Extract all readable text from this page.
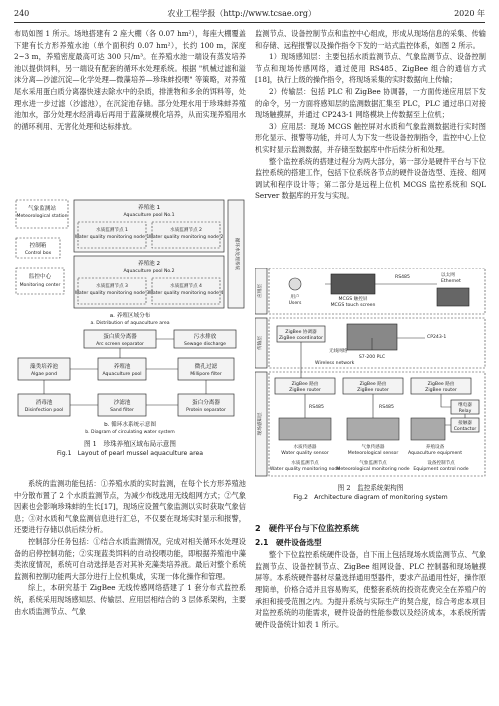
240	农业工程学报（http://www.tcsae.org）	2020 年

布局如图 1 所示。场地搭建有 2 座大棚（各 0.07 hm²），每座大棚覆盖下建有长方形养殖水池（单个面积约 0.07 hm²），长约 100 m，深度 2~3 m，养殖密度最高可达 300 只/m³。在养殖水池一端设有蒸发培养池以提供饲料，另一端设有配套的循环水处理系统。根据 "机械过滤和溢沫分离—沙滤沉淀—化学处理—微藻培养—珍珠蚌投喂" 等策略，对养殖尾水采用蛋白质分离器快速去除水中的杂质，排泄物和多余的饵料等，处理水进一步过滤（沙滤池），在沉淀池存储。部分处理水用于珍珠蚌养殖池加水，部分处理水经消毒后再用于蓝藻规模化培养，从而实现养殖用水的循环利用、无害化处理和达标排放。

气象监测站
Meteorological station
控制箱
Control box
监控中心
Monitoring center
养殖池 1
Aquaculture pool No.1
水质监测节点 1
Water quality monitoring node 1
水质监测节点 2
Water quality monitoring node 2
养殖池 2
Aquaculture pool No.2
水质监测节点 3
Water quality monitoring node 3
水质监测节点 4
Water quality monitoring node 4
循环水处理系统
a. 养殖区域分布
a. Distribution of aquaculture area
蛋白质分离器
Arc screen separator
污水排放
Sewage discharge
藻类培养池
Algae pond
养殖池
Aquaculture pool
微孔过滤
Millipore filter
消毒池
Disinfection pool
沙滤池
Sand filter
蛋白分离器
Protein separator
b. 循环水系统示意图
b. Diagram of circulating water system
图 1　珍珠养殖区域布局示意图
Fig.1　Layout of pearl mussel aquaculture area

系统的监测功能包括：①养殖水质的实时监测，在每个长方形养殖池中分散布置了 2 个水质监测节点，为减少布线选用无线组网方式；②气象因素也会影响珍珠蚌的生长[17]，现场应设置气象监测以实时获取气象信息；③对水质和气象监测信息进行汇总，不仅要在现场实时显示和报警，还要进行存储以供后续分析。

控制部分任务包括：①结合水质监测情况，完成对相关循环水处理设备的启停控制功能；②实现蓝类饵料的自动投喂功能，即根据养殖池中藻类浓度情况，系统可自动选择是否对其补充藻类培养液。最后对整个系统监测和控制功能两大部分进行上位机集成，实现一体化操作和管理。

综上，本研究基于 ZigBee 无线传感网络搭建了 1 套分布式监控系统，系统采用现场感知层、传输层、应用层相结合的 3 层体系架构，主要由水质监测节点、气象

监测节点、设备控制节点和监控中心组成，形成从现场信息的采集、传输和存储、远程报警以及操作指令下发的一站式监控体系，如图 2 所示。

1）现场感知层：主要包括水质监测节点、气象监测节点、设备控制节点和现场传感网络，通过使用 RS485、ZigBee 组合的通信方式[18]，执行上级的操作指令，将现场采集的实时数据向上传输；

2）传输层：包括 PLC 和 ZigBee 协调器，一方面传递应用层下发的命令，另一方面将感知层的监测数据汇集至 PLC，PLC 通过串口对接现场触摸屏，并通过 CP243-1 网络模块上传数据至上位机；

3）应用层：现场 MCGS 触控屏对水质和气象监测数据进行实时图形化显示、报警等功能，并可人为下发一些设备控制指令，监控中心上位机实时显示监测数据，并存储至数据库中作后续分析和处理。

整个监控系统的搭建过程分为两大部分，第一部分是硬件平台与下位监控系统的搭建工作，包括下位系统各节点的硬件设备选型、连接、组网调试和程序设计等；第二部分是远程上位机 MCGS 监控系统和 SQL Server 数据库的开发与实现。

应用层
传输层
现场感知层
用户
Users
MCGS 触控屏
MCGS touch screen
RS485	以太网
Ethernet
ZigBee 协调器
ZigBee coordinator
S7-200 PLC
CP243-1
无线网络
Wireless network
ZigBee 路由
ZigBee router
ZigBee 路由
ZigBee router
ZigBee 路由
ZigBee router
RS485	RS485	继电器
Relay
接触器
Contactor
水质传感器
Water quality sensor
气象传感器
Meteorological sensor
养殖设备
Aquaculture equipment
水质监测节点
Water quality monitoring node
气象监测节点
Meteorological monitoring node
设备控制节点
Equipment control node
图 2　监控系统架构图
Fig.2　Architecture diagram of monitoring system
2　硬件平台与下位监控系统
2.1　硬件设备选型

整个下位监控系统硬件设备，自下而上包括现场水质监测节点、气象监测节点、设备控制节点、ZigBee 组网设备、PLC 控制器和现场触摸屏等。本系统硬件器材尽量选择通用型器件，要求产品通用性好，操作原理简单，价格合适并且容易购买，使整套系统的投资花费完全在养殖户的承担和接受范围之内。为提升系统与实际生产的契合度，综合考虑本项目对监控系统的功能需求，硬件设备的性能参数以及经济成本，本系统所需硬件设备统计如表 1 所示。
